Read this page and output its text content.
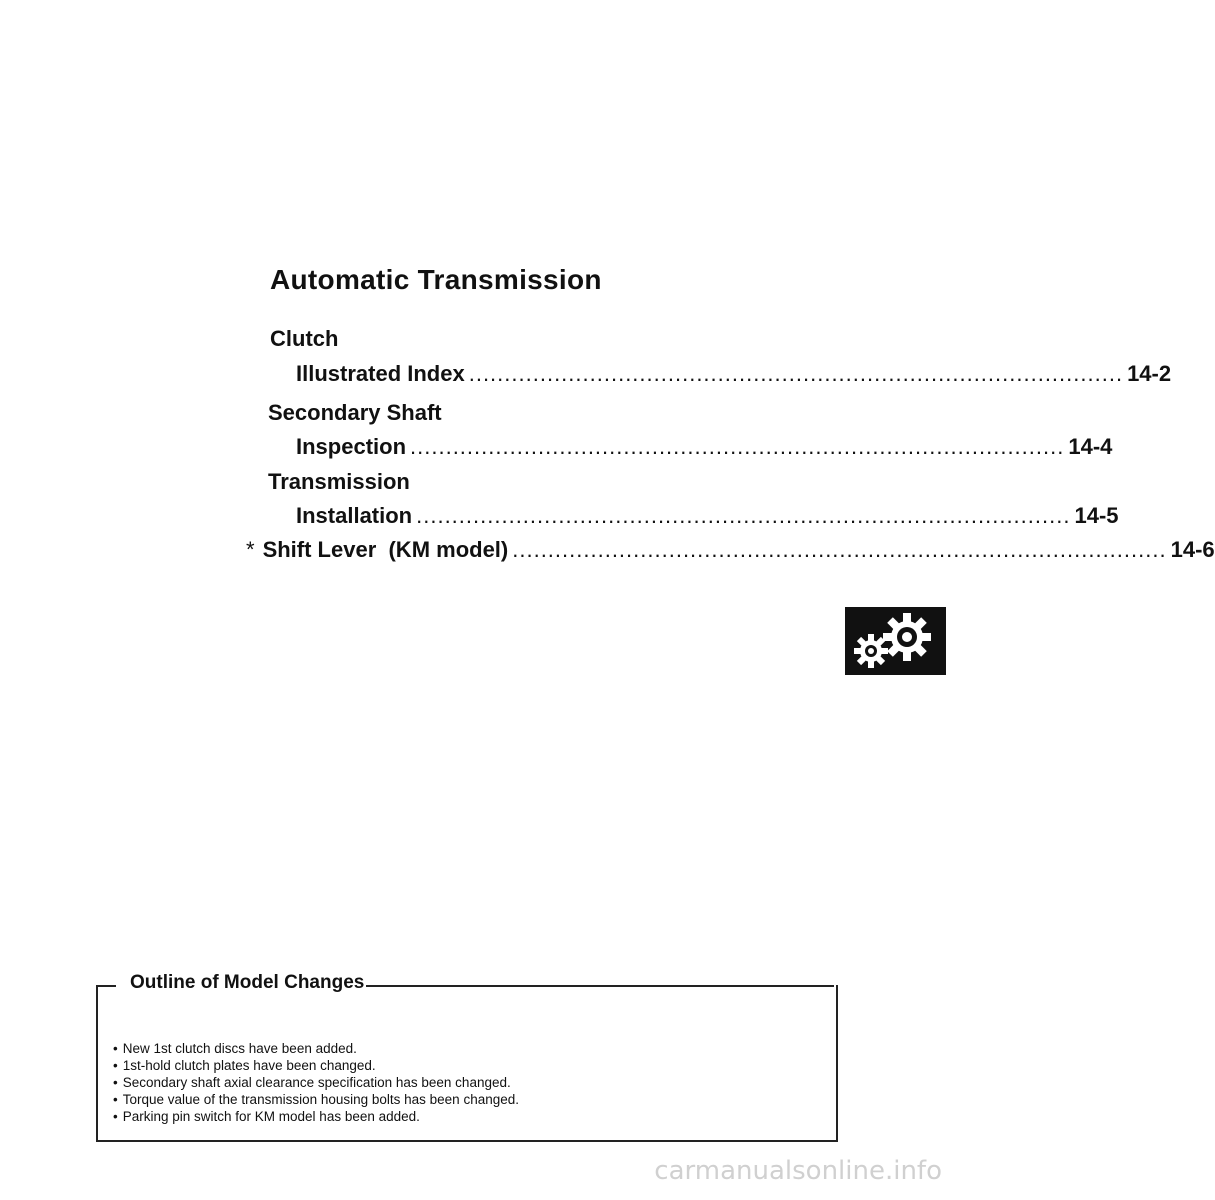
Automatic Transmission
Clutch
Illustrated Index ............................................................................................ 14-2
Secondary Shaft
Inspection ............................................................................................ 14-4
Transmission
Installation ............................................................................................ 14-5
* Shift Lever  (KM model) ............................................................................................ 14-6
Outline of Model Changes
• New 1st clutch discs have been added.
• 1st-hold clutch plates have been changed.
• Secondary shaft axial clearance specification has been changed.
• Torque value of the transmission housing bolts has been changed.
• Parking pin switch for KM model has been added.
carmanualsonline.info
